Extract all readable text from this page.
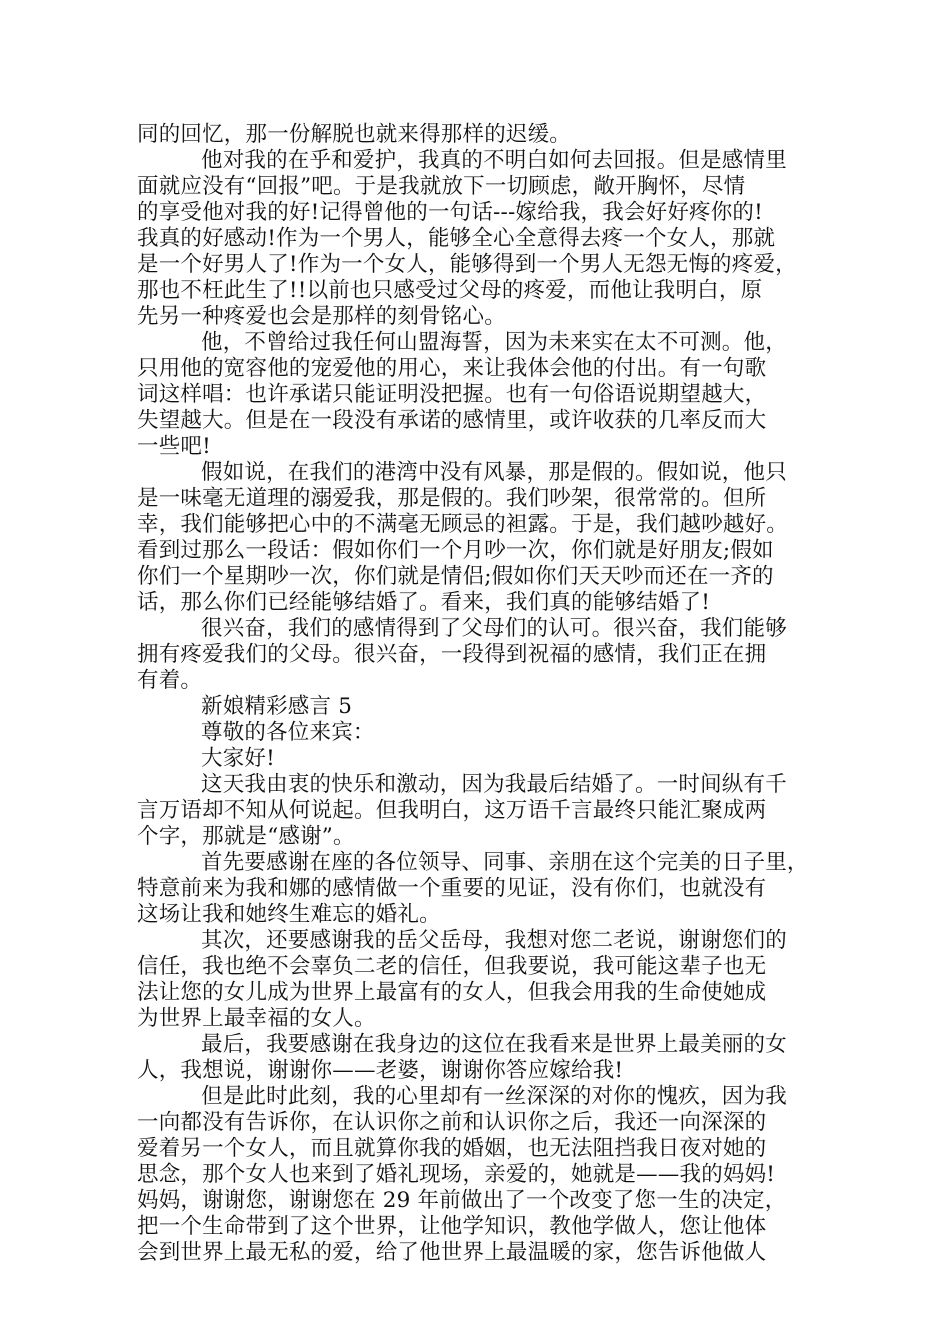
同的回忆，那一份解脱也就来得那样的迟缓。
他对我的在乎和爱护，我真的不明白如何去回报。但是感情里
面就应没有“回报”吧。于是我就放下一切顾虑，敞开胸怀，尽情
的享受他对我的好!记得曾他的一句话---嫁给我，我会好好疼你的!
我真的好感动!作为一个男人，能够全心全意得去疼一个女人，那就
是一个好男人了!作为一个女人，能够得到一个男人无怨无悔的疼爱，
那也不枉此生了!!以前也只感受过父母的疼爱，而他让我明白，原
先另一种疼爱也会是那样的刻骨铭心。
他，不曾给过我任何山盟海誓，因为未来实在太不可测。他，
只用他的宽容他的宠爱他的用心，来让我体会他的付出。有一句歌
词这样唱：也许承诺只能证明没把握。也有一句俗语说期望越大，
失望越大。但是在一段没有承诺的感情里，或许收获的几率反而大
一些吧!
假如说，在我们的港湾中没有风暴，那是假的。假如说，他只
是一味毫无道理的溺爱我，那是假的。我们吵架，很常常的。但所
幸，我们能够把心中的不满毫无顾忌的袒露。于是，我们越吵越好。
看到过那么一段话：假如你们一个月吵一次，你们就是好朋友;假如
你们一个星期吵一次，你们就是情侣;假如你们天天吵而还在一齐的
话，那么你们已经能够结婚了。看来，我们真的能够结婚了!
很兴奋，我们的感情得到了父母们的认可。很兴奋，我们能够
拥有疼爱我们的父母。很兴奋，一段得到祝福的感情，我们正在拥
有着。
新娘精彩感言 5
尊敬的各位来宾：
大家好!
这天我由衷的快乐和激动，因为我最后结婚了。一时间纵有千
言万语却不知从何说起。但我明白，这万语千言最终只能汇聚成两
个字，那就是“感谢”。
首先要感谢在座的各位领导、同事、亲朋在这个完美的日子里，
特意前来为我和娜的感情做一个重要的见证，没有你们，也就没有
这场让我和她终生难忘的婚礼。
其次，还要感谢我的岳父岳母，我想对您二老说，谢谢您们的
信任，我也绝不会辜负二老的信任，但我要说，我可能这辈子也无
法让您的女儿成为世界上最富有的女人，但我会用我的生命使她成
为世界上最幸福的女人。
最后，我要感谢在我身边的这位在我看来是世界上最美丽的女
人，我想说，谢谢你——老婆，谢谢你答应嫁给我!
但是此时此刻，我的心里却有一丝深深的对你的愧疚，因为我
一向都没有告诉你，在认识你之前和认识你之后，我还一向深深的
爱着另一个女人，而且就算你我的婚姻，也无法阻挡我日夜对她的
思念，那个女人也来到了婚礼现场，亲爱的，她就是——我的妈妈!
妈妈，谢谢您，谢谢您在 29 年前做出了一个改变了您一生的决定，
把一个生命带到了这个世界，让他学知识，教他学做人，您让他体
会到世界上最无私的爱，给了他世界上最温暖的家，您告诉他做人
